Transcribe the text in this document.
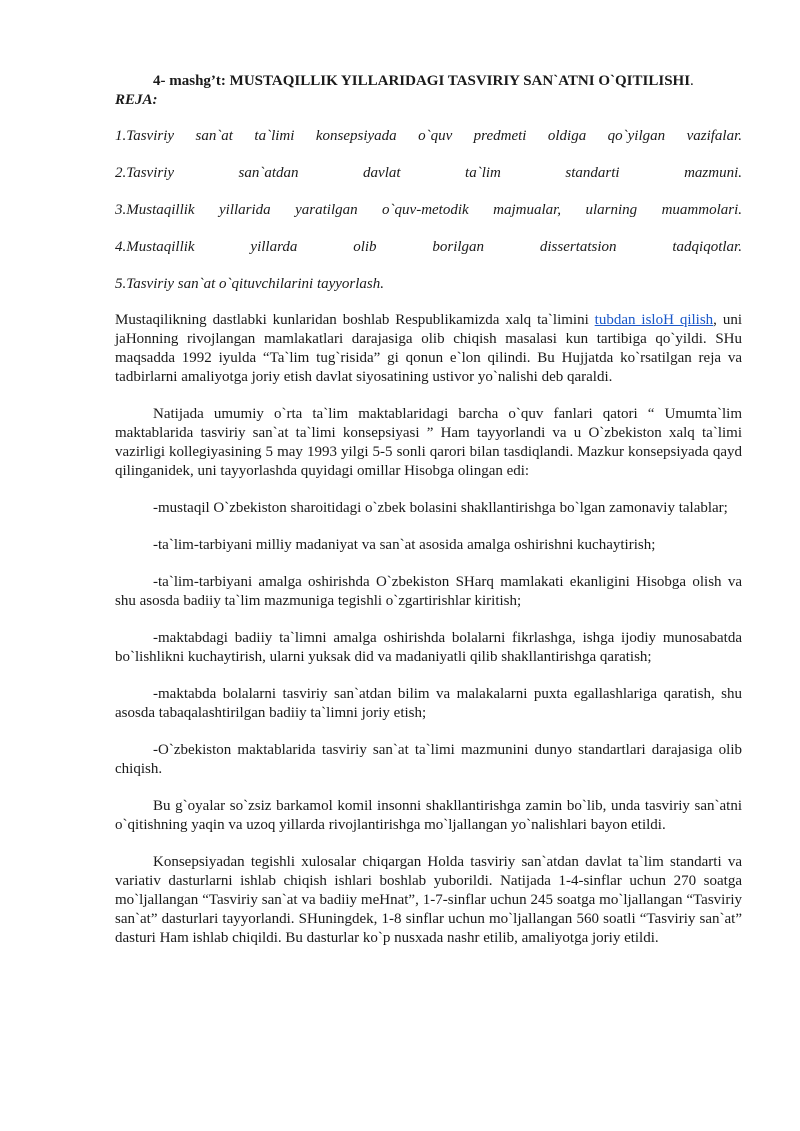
4- mashg’t: MUSTAQILLIK YILLARIDAGI TASVIRIY SAN`ATNI O`QITILISHI.

REJA:

1.Tasviriy san`at ta`limi konsepsiyada o`quv predmeti oldiga qo`yilgan vazifalar.

2.Tasviriy san`atdan davlat ta`lim standarti mazmuni.

3.Mustaqillik yillarida yaratilgan o`quv-metodik majmualar, ularning muammolari.

4.Mustaqillik yillarda olib borilgan dissertatsion tadqiqotlar.

5.Tasviriy san`at o`qituvchilarini tayyorlash.

Mustaqilikning dastlabki kunlaridan boshlab Respublikamizda xalq ta`limini tubdan isloH qilish, uni jaHonning rivojlangan mamlakatlari darajasiga olib chiqish masalasi kun tartibiga qo`yildi. SHu maqsadda 1992 iyulda “Ta`lim tug`risida” gi qonun e`lon qilindi. Bu Hujjatda ko`rsatilgan reja va tadbirlarni amaliyotga joriy etish davlat siyosatining ustivor yo`nalishi deb qaraldi.

Natijada umumiy o`rta ta`lim maktablaridagi barcha o`quv fanlari qatori “ Umumta`lim maktablarida tasviriy san`at ta`limi konsepsiyasi ” Ham tayyorlandi va u O`zbekiston xalq ta`limi vazirligi kollegiyasining 5 may 1993 yilgi 5-5 sonli qarori bilan tasdiqlandi. Mazkur konsepsiyada qayd qilinganidek, uni tayyorlashda quyidagi omillar Hisobga olingan edi:

-mustaqil O`zbekiston sharoitidagi o`zbek bolasini shakllantirishga bo`lgan zamonaviy talablar;

-ta`lim-tarbiyani milliy madaniyat va san`at asosida amalga oshirishni kuchaytirish;

-ta`lim-tarbiyani amalga oshirishda O`zbekiston SHarq mamlakati ekanligini Hisobga olish va shu asosda badiiy ta`lim mazmuniga tegishli o`zgartirishlar kiritish;

-maktabdagi badiiy ta`limni amalga oshirishda bolalarni fikrlashga, ishga ijodiy munosabatda bo`lishlikni kuchaytirish, ularni yuksak did va madaniyatli qilib shakllantirishga qaratish;

-maktabda bolalarni tasviriy san`atdan bilim va malakalarni puxta egallashlariga qaratish, shu asosda tabaqalashtirilgan badiiy ta`limni joriy etish;

-O`zbekiston maktablarida tasviriy san`at ta`limi mazmunini dunyo standartlari darajasiga olib chiqish.

Bu g`oyalar so`zsiz barkamol komil insonni shakllantirishga zamin bo`lib, unda tasviriy san`atni o`qitishning yaqin va uzoq yillarda rivojlantirishga mo`ljallangan yo`nalishlari bayon etildi.

Konsepsiyadan tegishli xulosalar chiqargan Holda tasviriy san`atdan davlat ta`lim standarti va variativ dasturlarni ishlab chiqish ishlari boshlab yuborildi. Natijada 1-4-sinflar uchun 270 soatga mo`ljallangan “Tasviriy san`at va badiiy meHnat”, 1-7-sinflar uchun 245 soatga mo`ljallangan “Tasviriy san`at” dasturlari tayyorlandi. SHuningdek, 1-8 sinflar uchun mo`ljallangan 560 soatli “Tasviriy san`at” dasturi Ham ishlab chiqildi. Bu dasturlar ko`p nusxada nashr etilib, amaliyotga joriy etildi.
